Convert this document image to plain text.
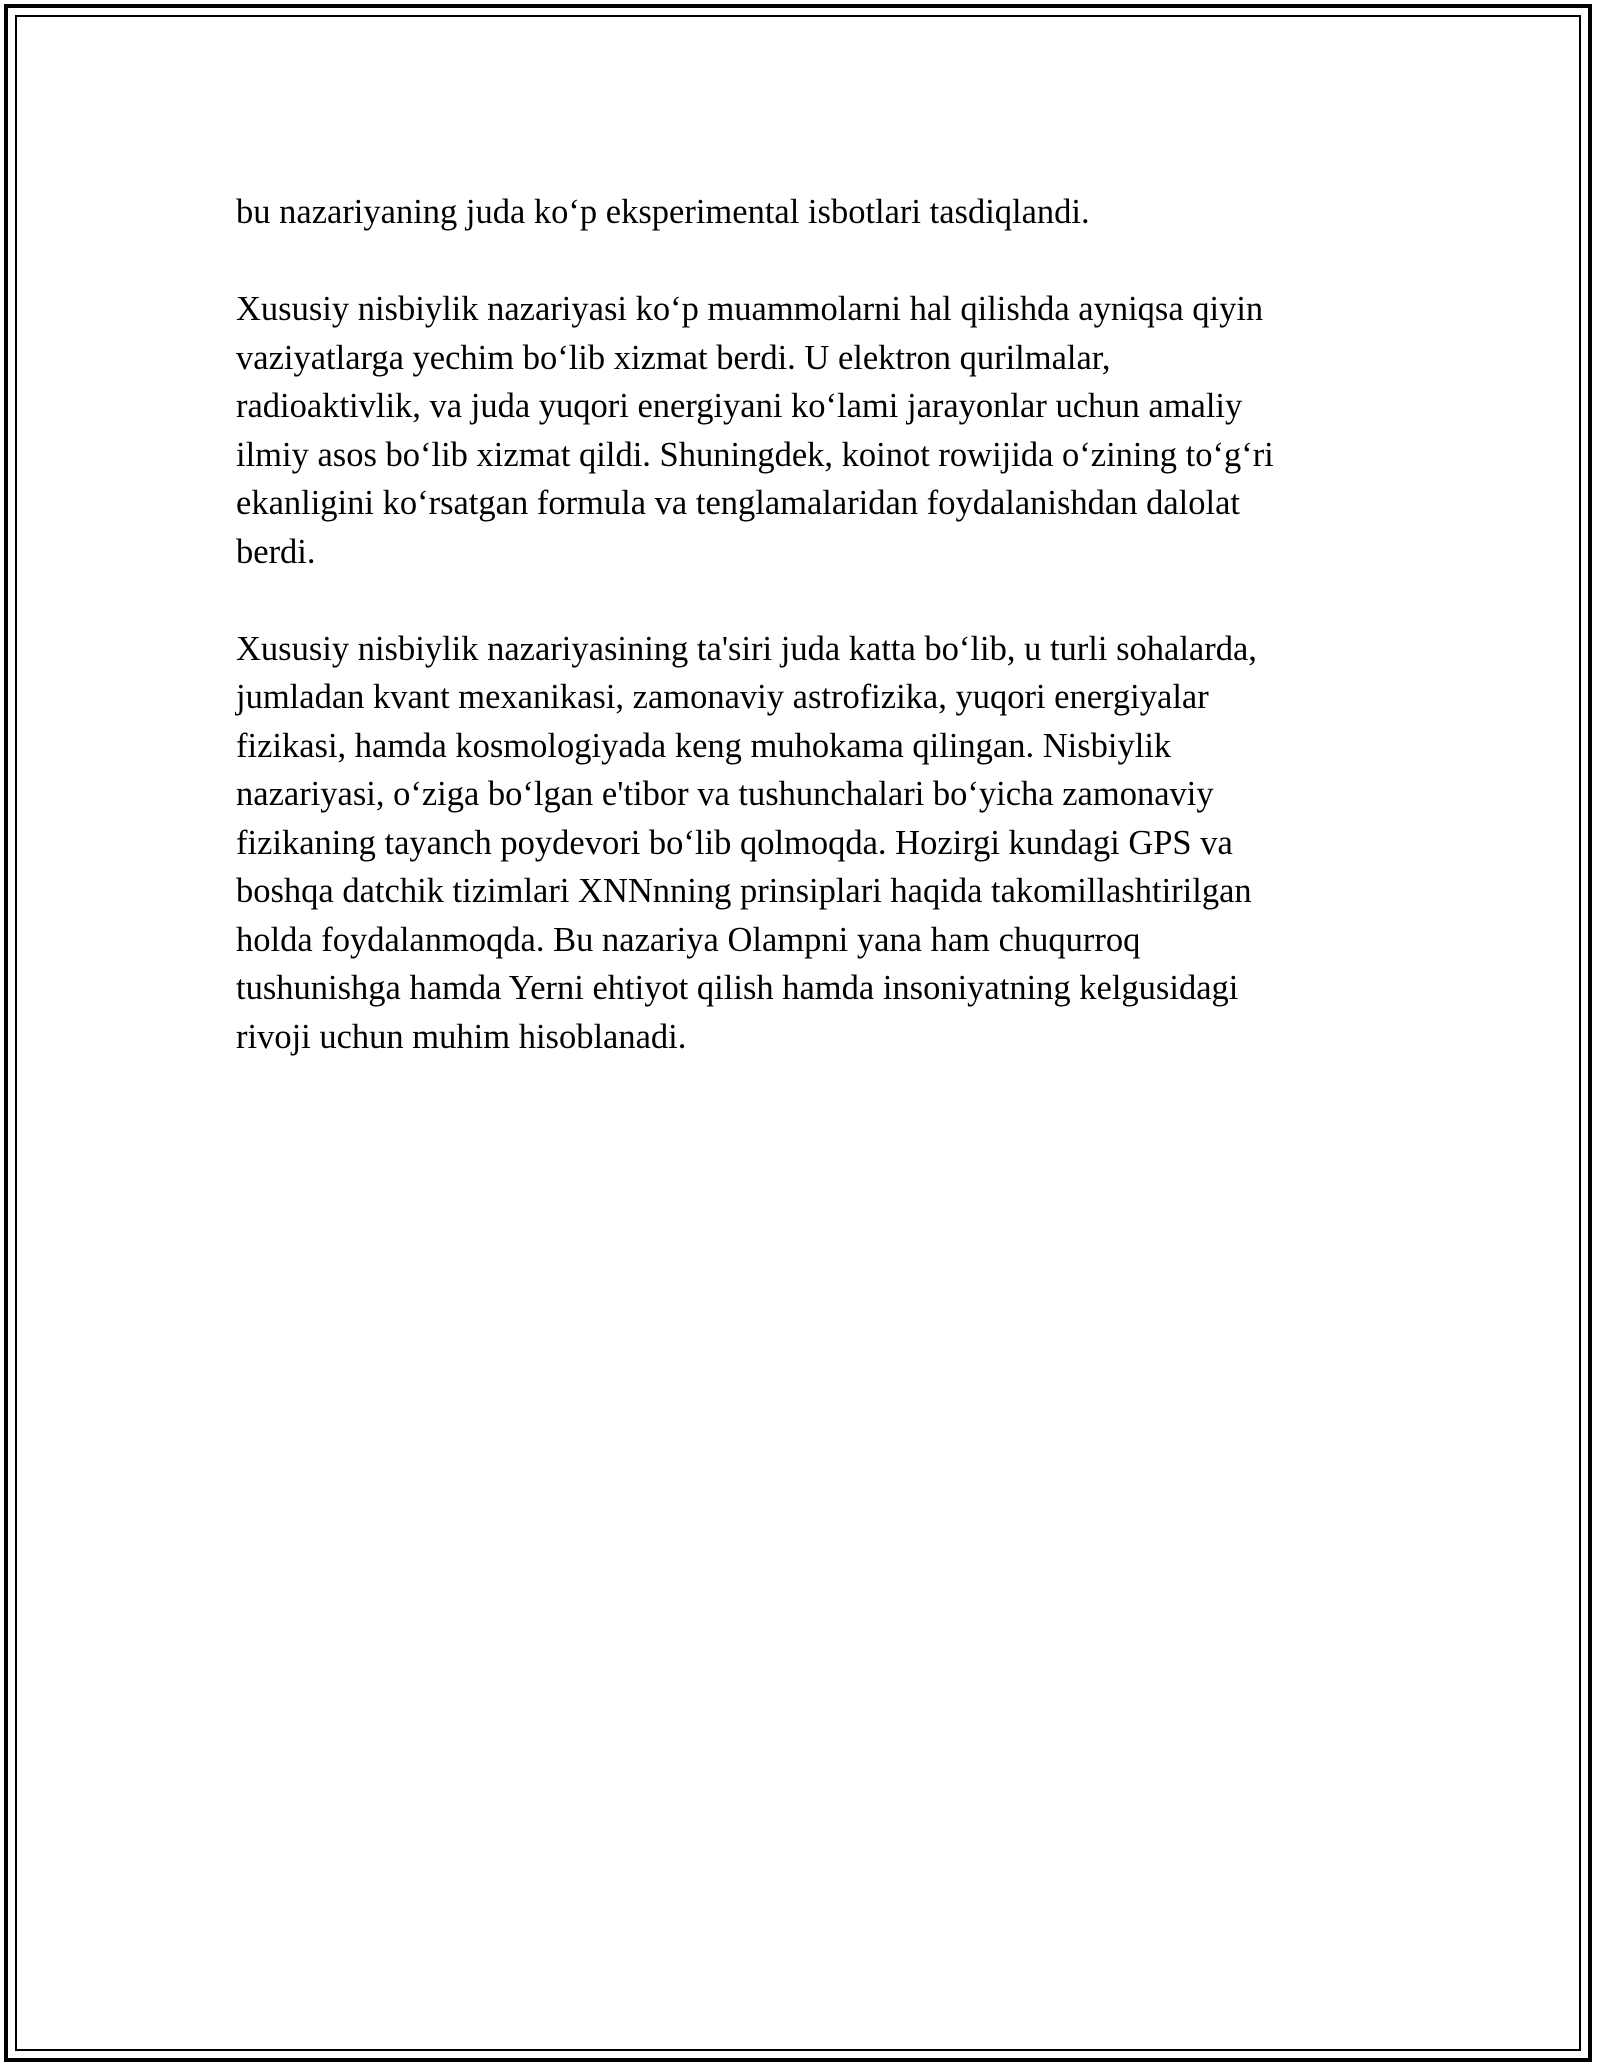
bu nazariyaning juda koʻp eksperimental isbotlari tasdiqlandi.

Xususiy nisbiylik nazariyasi koʻp muammolarni hal qilishda ayniqsa qiyin
vaziyatlarga yechim boʻlib xizmat berdi. U elektron qurilmalar,
radioaktivlik, va juda yuqori energiyani koʻlami jarayonlar uchun amaliy
ilmiy asos boʻlib xizmat qildi. Shuningdek, koinot rowijida oʻzining toʻgʻri
ekanligini koʻrsatgan formula va tenglamalaridan foydalanishdan dalolat
berdi.

Xususiy nisbiylik nazariyasining ta'siri juda katta boʻlib, u turli sohalarda,
jumladan kvant mexanikasi, zamonaviy astrofizika, yuqori energiyalar
fizikasi, hamda kosmologiyada keng muhokama qilingan. Nisbiylik
nazariyasi, oʻziga boʻlgan e'tibor va tushunchalari boʻyicha zamonaviy
fizikaning tayanch poydevori boʻlib qolmoqda. Hozirgi kundagi GPS va
boshqa datchik tizimlari XNNnning prinsiplari haqida takomillashtirilgan
holda foydalanmoqda. Bu nazariya Olampni yana ham chuqurroq
tushunishga hamda Yerni ehtiyot qilish hamda insoniyatning kelgusidagi
rivoji uchun muhim hisoblanadi.
